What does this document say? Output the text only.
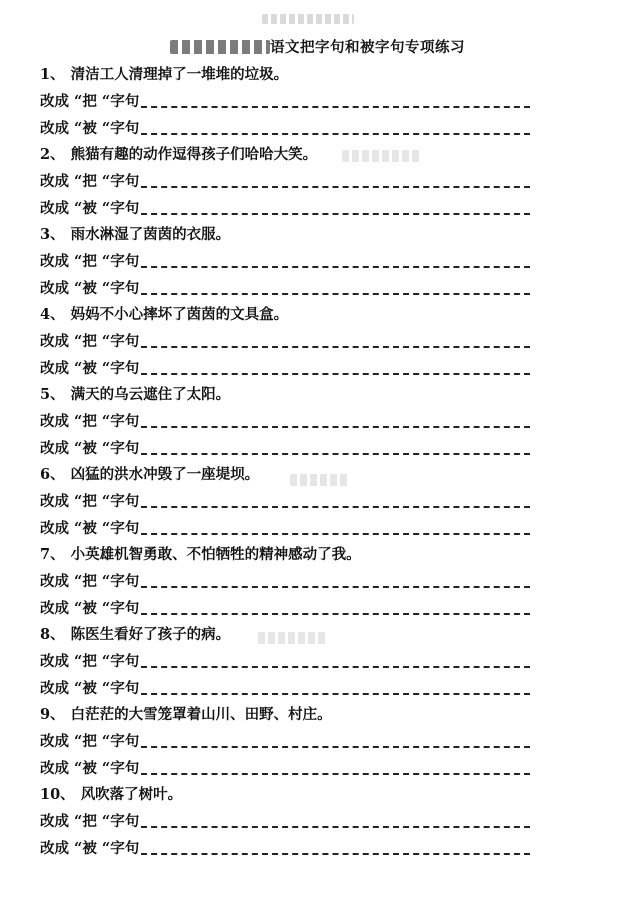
语文把字句和被字句专项练习
1、 清洁工人清理掉了一堆堆的垃圾。
改成 “把 “字句
改成 “被 “字句
2、 熊猫有趣的动作逗得孩子们哈哈大笑。
改成 “把 “字句
改成 “被 “字句
3、 雨水淋湿了茵茵的衣服。
改成 “把 “字句
改成 “被 “字句
4、 妈妈不小心摔坏了茵茵的文具盒。
改成 “把 “字句
改成 “被 “字句
5、 满天的乌云遮住了太阳。
改成 “把 “字句
改成 “被 “字句
6、 凶猛的洪水冲毁了一座堤坝。
改成 “把 “字句
改成 “被 “字句
7、 小英雄机智勇敢、不怕牺牲的精神感动了我。
改成 “把 “字句
改成 “被 “字句
8、 陈医生看好了孩子的病。
改成 “把 “字句
改成 “被 “字句
9、 白茫茫的大雪笼罩着山川、田野、村庄。
改成 “把 “字句
改成 “被 “字句
10、 风吹落了树叶。
改成 “把 “字句
改成 “被 “字句
